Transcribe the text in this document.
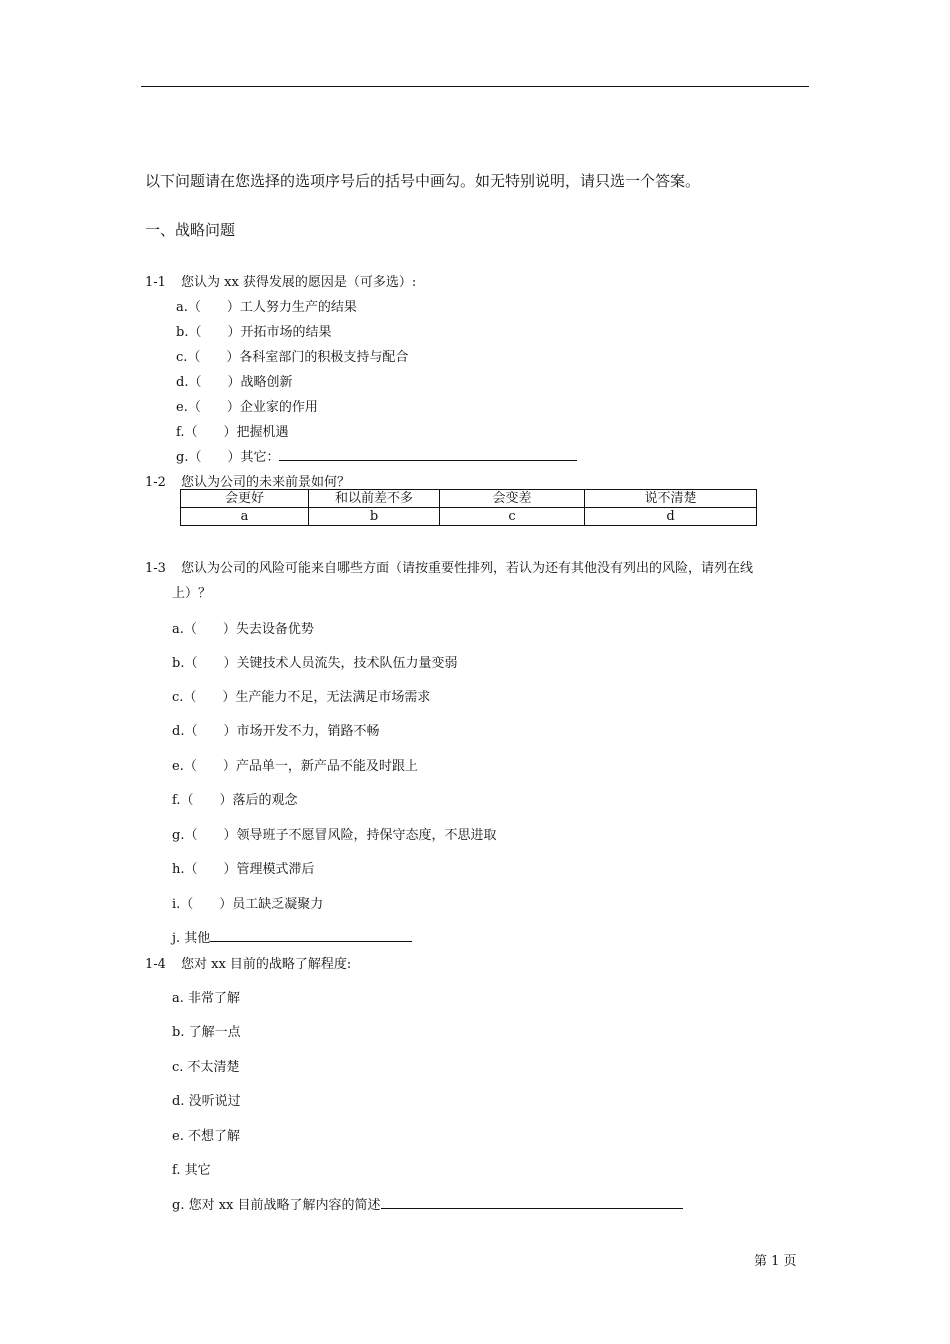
以下问题请在您选择的选项序号后的括号中画勾。如无特别说明，请只选一个答案。
一、战略问题
1-1 您认为 xx 获得发展的愿因是（可多选）:
a.（　　）工人努力生产的结果
b.（　　）开拓市场的结果
c.（　　）各科室部门的积极支持与配合
d.（　　）战略创新
e.（　　）企业家的作用
f.（　　）把握机遇
g.（　　）其它：
1-2 您认为公司的未来前景如何？
会更好	和以前差不多	会变差	说不清楚
a	b	c	d
1-3 您认为公司的风险可能来自哪些方面（请按重要性排列，若认为还有其他没有列出的风险，请列在线
上）？
a.（　　）失去设备优势
b.（　　）关键技术人员流失，技术队伍力量变弱
c.（　　）生产能力不足，无法满足市场需求
d.（　　）市场开发不力，销路不畅
e.（　　）产品单一，新产品不能及时跟上
f.（　　）落后的观念
g.（　　）领导班子不愿冒风险，持保守态度，不思进取
h.（　　）管理模式滞后
i.（　　）员工缺乏凝聚力
j. 其他
1-4 您对 xx 目前的战略了解程度:
a. 非常了解
b. 了解一点
c. 不太清楚
d. 没听说过
e. 不想了解
f. 其它
g. 您对 xx 目前战略了解内容的简述
第 1 页
